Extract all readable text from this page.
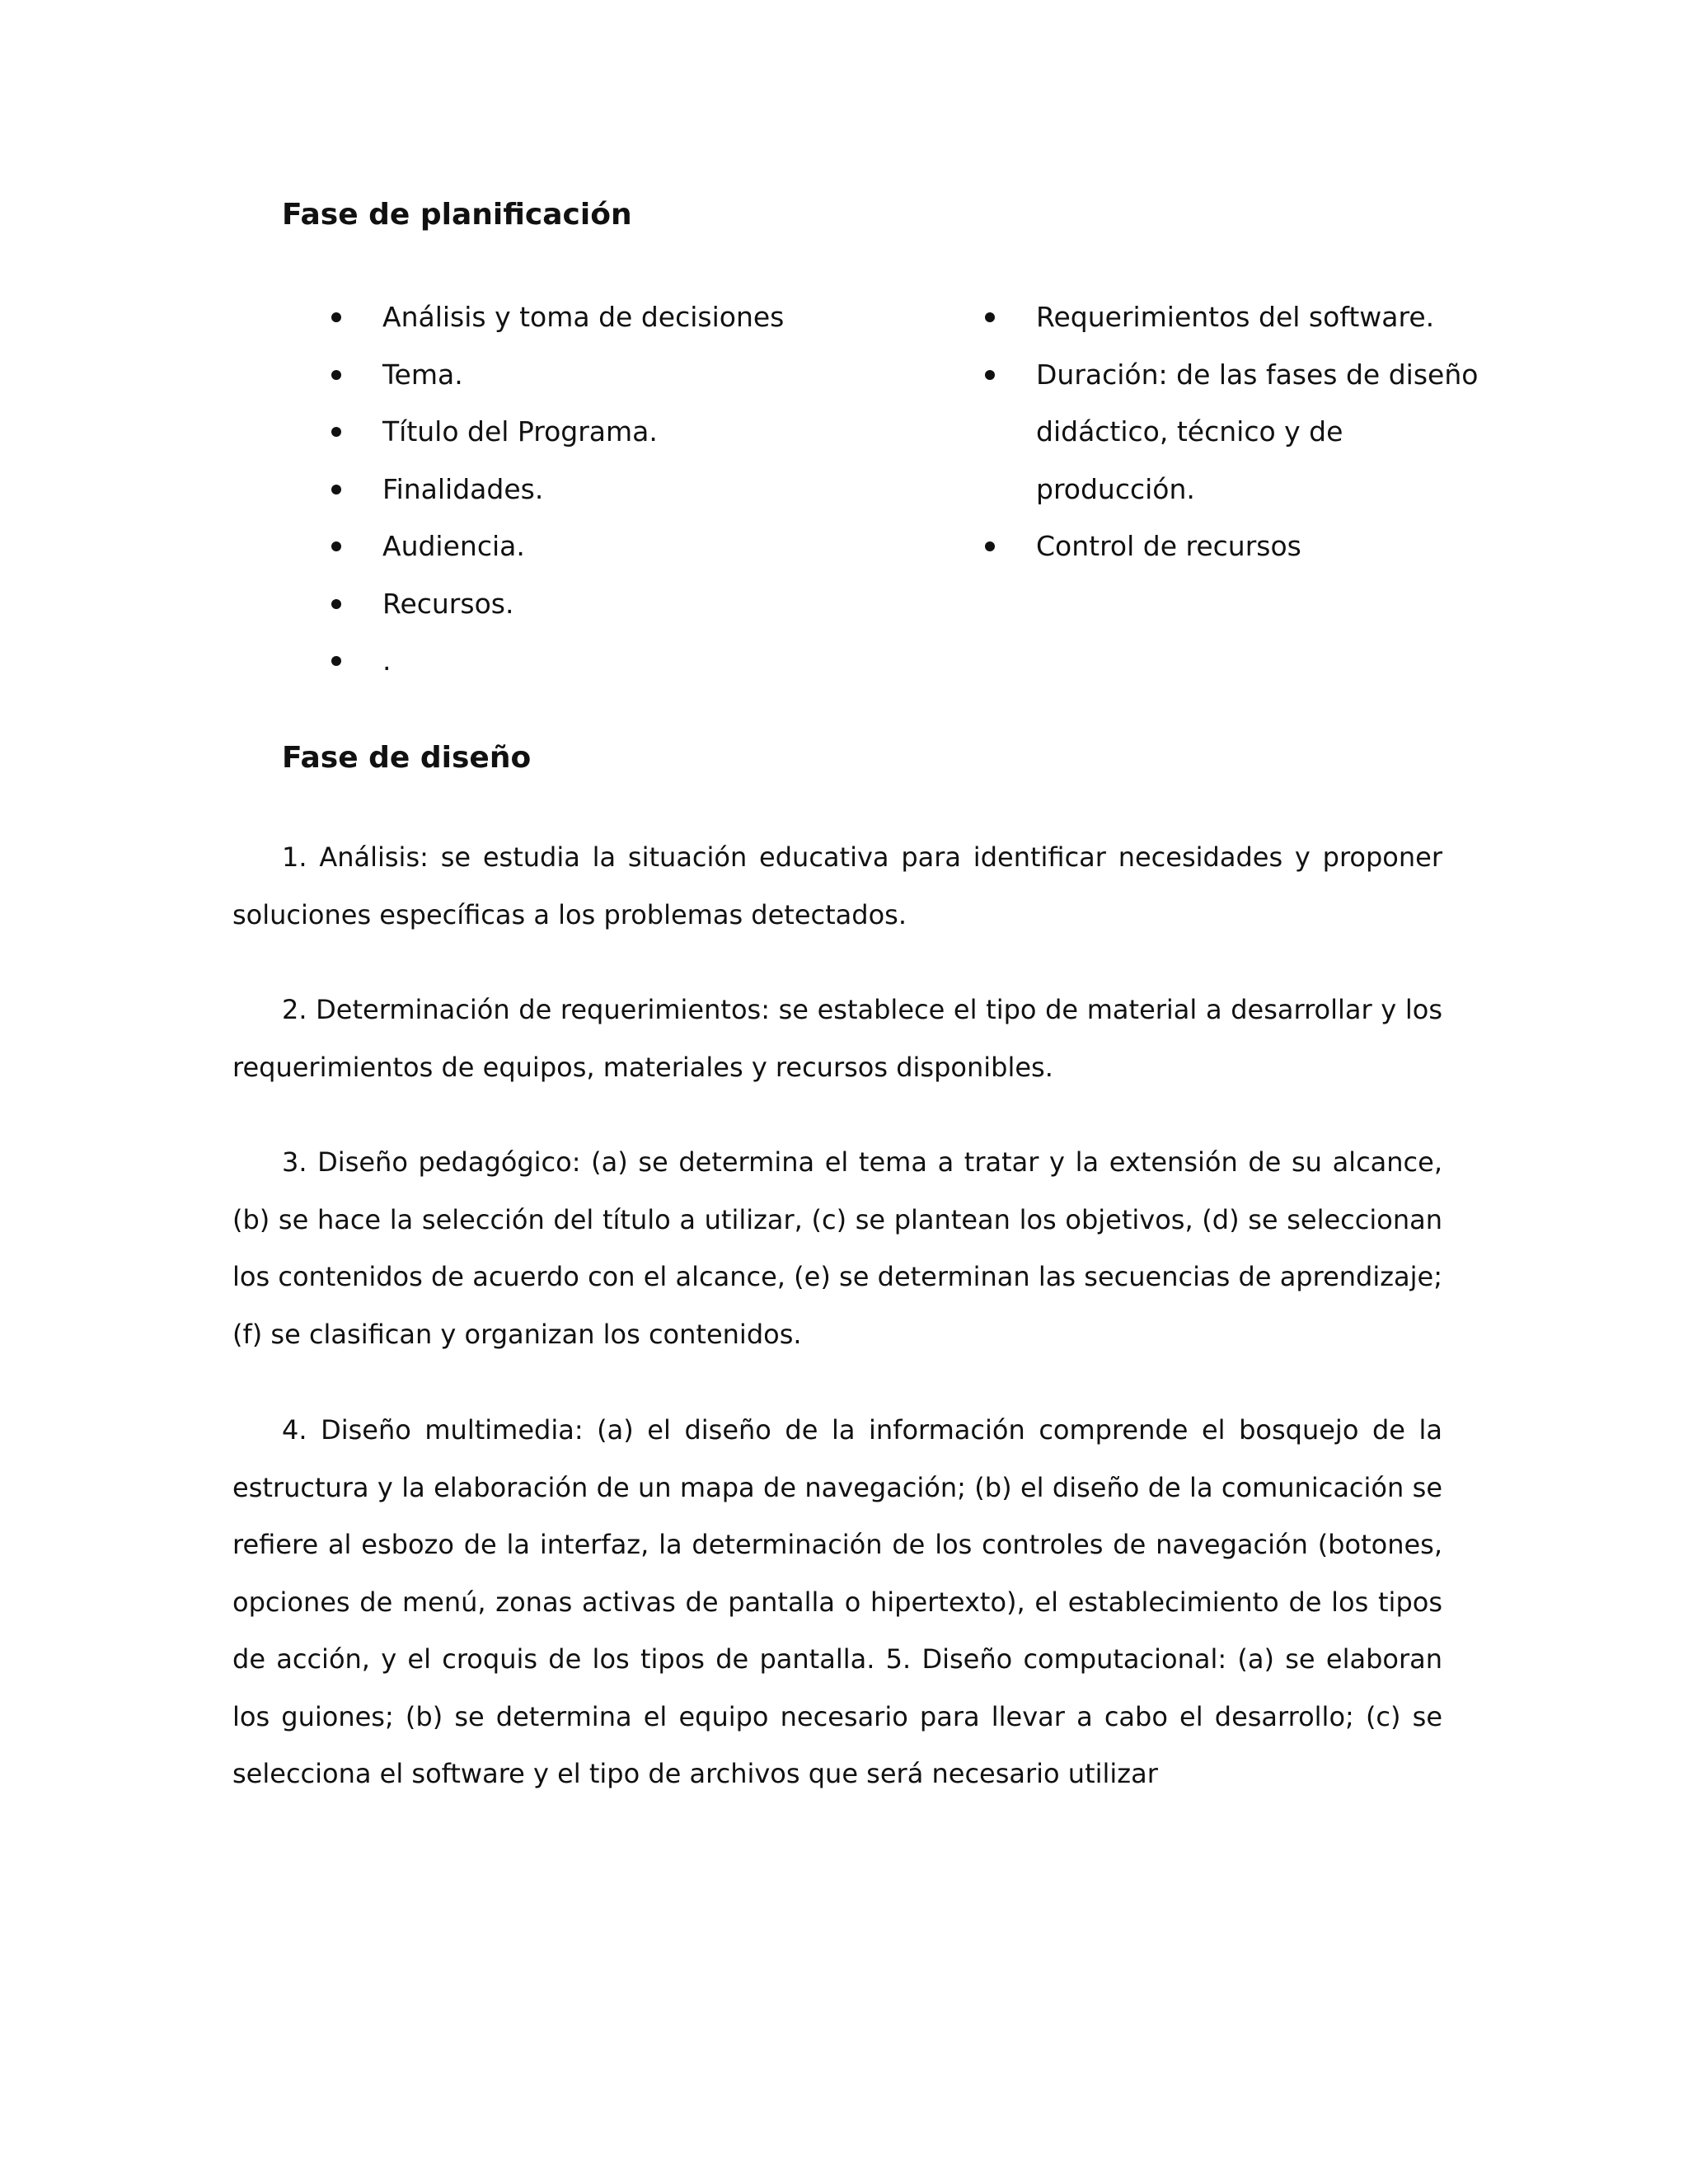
Fase de planificación
Análisis y toma de decisiones
Tema.
Título del Programa.
Finalidades.
Audiencia.
Recursos.
.
Requerimientos del software.
Duración: de las fases de diseño didáctico, técnico y de producción.
Control de recursos
Fase de diseño

1. Análisis: se estudia la situación educativa para identificar necesidades y proponer soluciones específicas a los problemas detectados.

2. Determinación de requerimientos: se establece el tipo de material a desarrollar y los requerimientos de equipos, materiales y recursos disponibles.

3. Diseño pedagógico: (a) se determina el tema a tratar y la extensión de su alcance, (b) se hace la selección del título a utilizar, (c) se plantean los objetivos, (d) se seleccionan los contenidos de acuerdo con el alcance, (e) se determinan las secuencias de aprendizaje; (f) se clasifican y organizan los contenidos.

4. Diseño multimedia: (a) el diseño de la información comprende el bosquejo de la estructura y la elaboración de un mapa de navegación; (b) el diseño de la comunicación se refiere al esbozo de la interfaz, la determinación de los controles de navegación (botones, opciones de menú, zonas activas de pantalla o hipertexto), el establecimiento de los tipos de acción, y el croquis de los tipos de pantalla. 5. Diseño computacional: (a) se elaboran los guiones; (b) se determina el equipo necesario para llevar a cabo el desarrollo; (c) se selecciona el software y el tipo de archivos que será necesario utilizar
